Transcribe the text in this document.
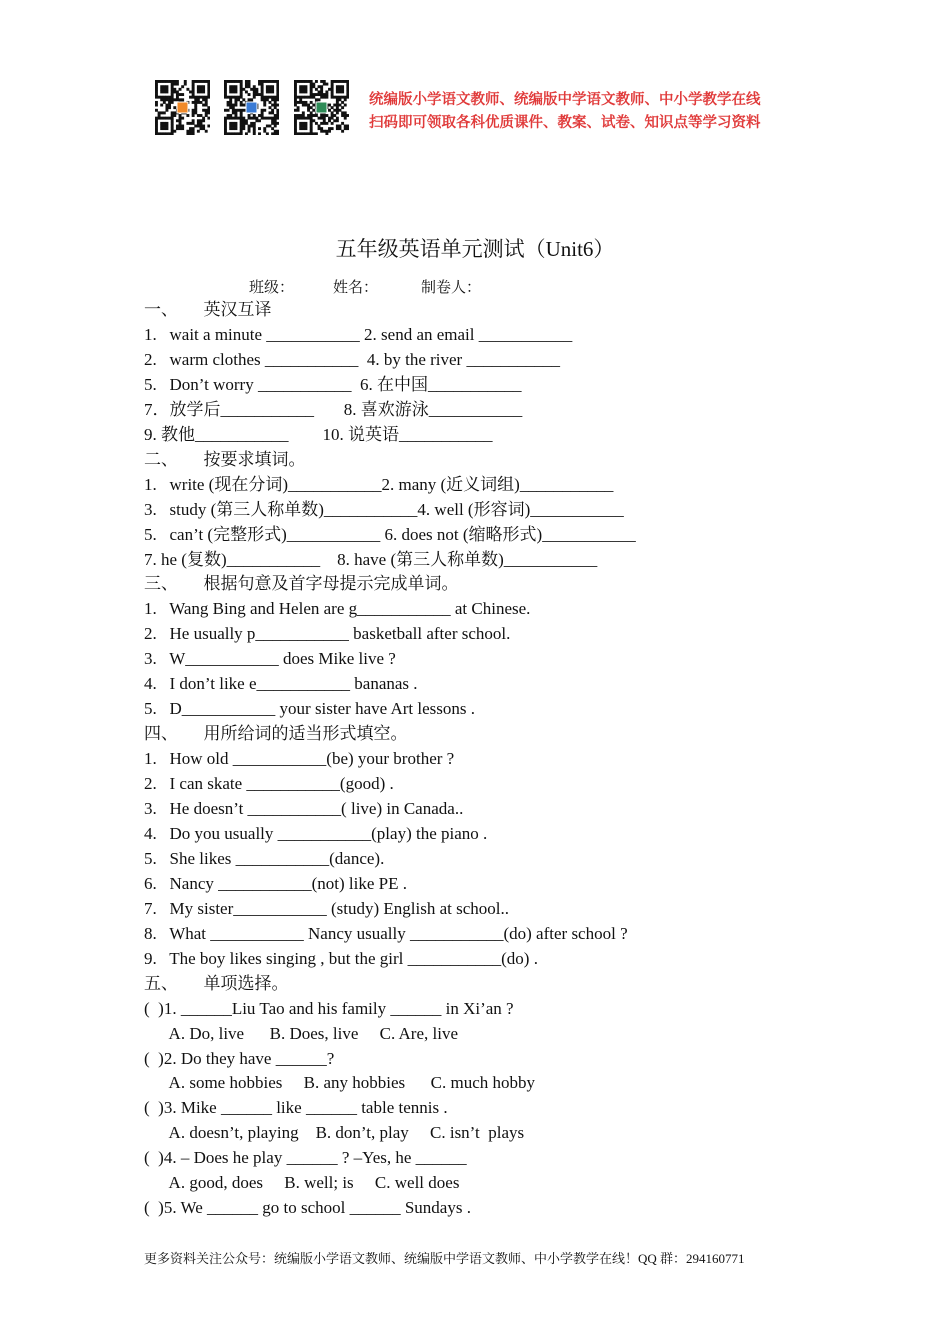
统编版小学语文教师、统编版中学语文教师、中小学教学在线
扫码即可领取各科优质课件、教案、试卷、知识点等学习资料
五年级英语单元测试（Unit6）
班级：	姓名：	制卷人：
一、      英汉互译
1.   wait a minute ___________ 2. send an email ___________
2.   warm clothes ___________  4. by the river ___________
5.   Don’t worry ___________  6. 在中国___________
7．放学后___________       8. 喜欢游泳___________
9. 教他___________        10. 说英语___________
二、      按要求填词。
1.   write (现在分词)___________2. many (近义词组)___________
3.   study (第三人称单数)___________4. well (形容词)___________
5.   can’t (完整形式)___________ 6. does not (缩略形式)___________
7. he (复数)___________    8. have (第三人称单数)___________
三、      根据句意及首字母提示完成单词。
1.   Wang Bing and Helen are g___________ at Chinese.
2.   He usually p___________ basketball after school.
3.   W___________ does Mike live ?
4.   I don’t like e___________ bananas .
5.   D___________ your sister have Art lessons .
四、      用所给词的适当形式填空。
1.   How old ___________(be) your brother ?
2.   I can skate ___________(good) .
3.   He doesn’t ___________( live) in Canada..
4.   Do you usually ___________(play) the piano .
5.   She likes ___________(dance).
6.   Nancy ___________(not) like PE .
7.   My sister___________ (study) English at school..
8.   What ___________ Nancy usually ___________(do) after school ?
9.   The boy likes singing , but the girl ___________(do) .
五、      单项选择。
(  )1. ______Liu Tao and his family ______ in Xi’an ?
A. Do, live      B. Does, live     C. Are, live
(  )2. Do they have ______?
A. some hobbies     B. any hobbies      C. much hobby
(  )3. Mike ______ like ______ table tennis .
A. doesn’t, playing    B. don’t, play     C. isn’t  plays
(  )4. – Does he play ______ ? –Yes, he ______
A. good, does     B. well; is     C. well does
(  )5. We ______ go to school ______ Sundays .
更多资料关注公众号：统编版小学语文教师、统编版中学语文教师、中小学教学在线！QQ 群：294160771
